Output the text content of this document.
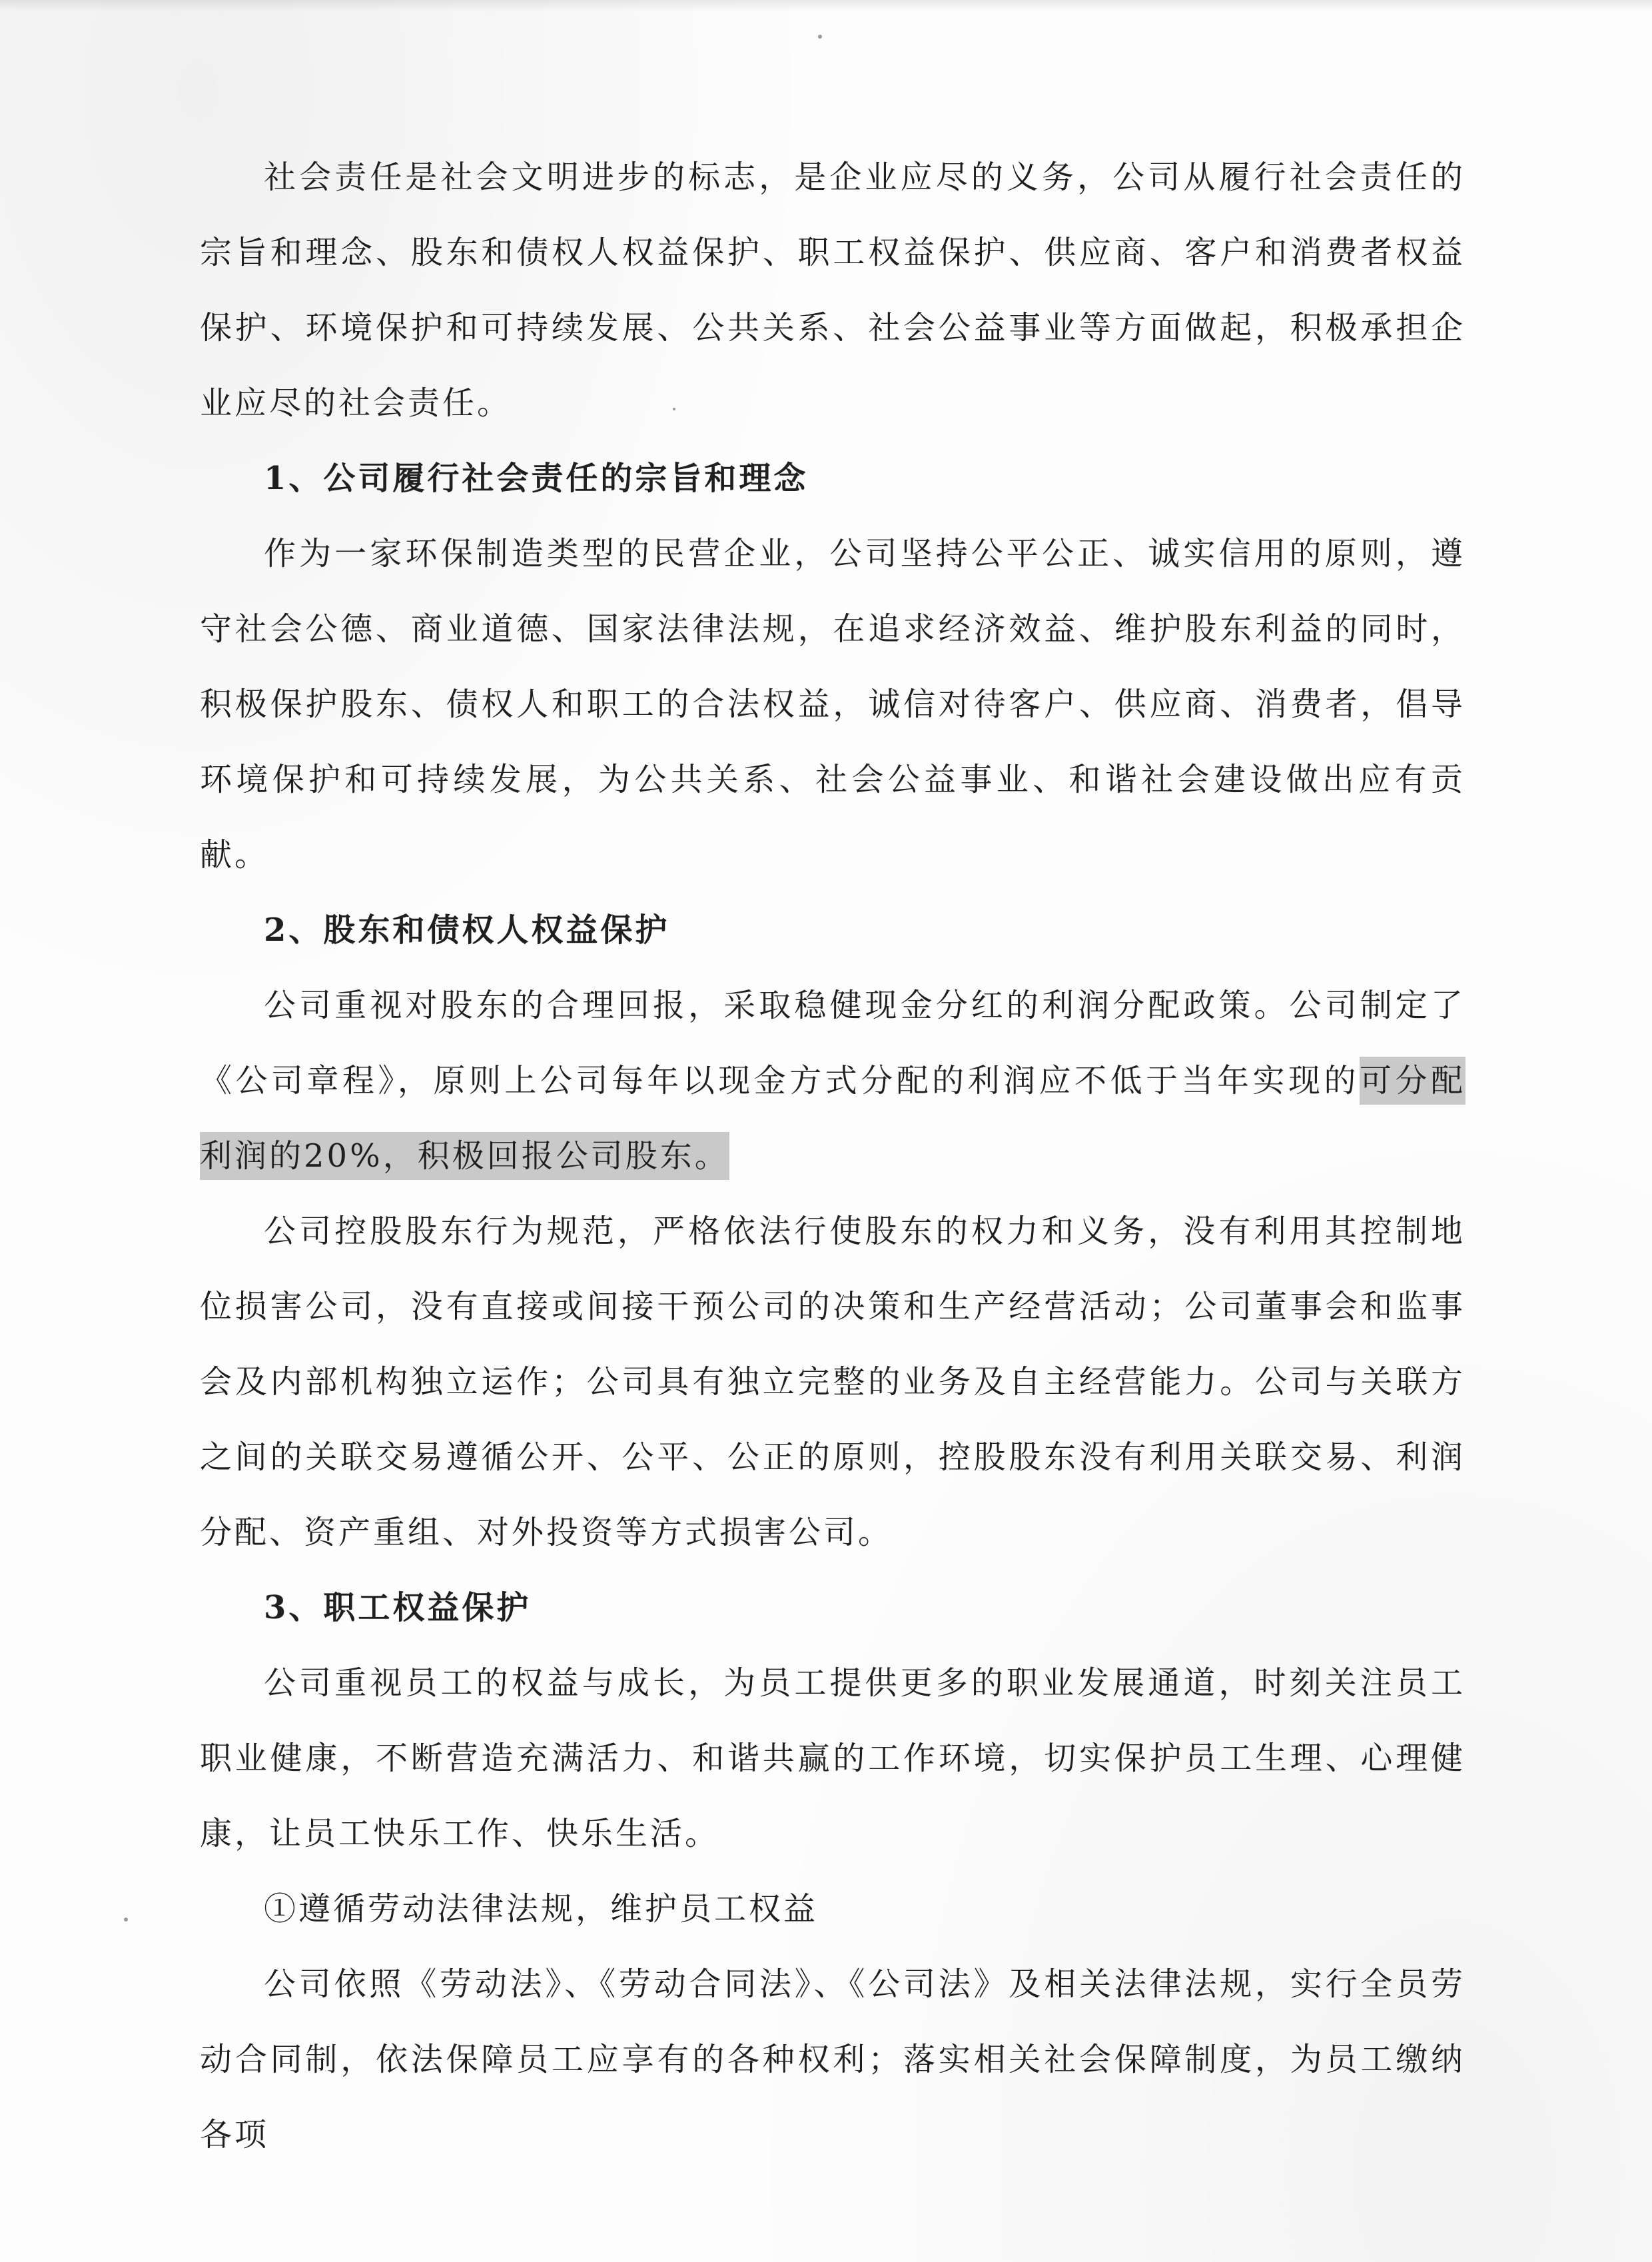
社会责任是社会文明进步的标志，是企业应尽的义务，公司从履行社会责任的宗旨和理念、股东和债权人权益保护、职工权益保护、供应商、客户和消费者权益保护、环境保护和可持续发展、公共关系、社会公益事业等方面做起，积极承担企业应尽的社会责任。

1、公司履行社会责任的宗旨和理念

作为一家环保制造类型的民营企业，公司坚持公平公正、诚实信用的原则，遵守社会公德、商业道德、国家法律法规，在追求经济效益、维护股东利益的同时，积极保护股东、债权人和职工的合法权益，诚信对待客户、供应商、消费者，倡导环境保护和可持续发展，为公共关系、社会公益事业、和谐社会建设做出应有贡献。

2、股东和债权人权益保护

公司重视对股东的合理回报，采取稳健现金分红的利润分配政策。公司制定了《公司章程》，原则上公司每年以现金方式分配的利润应不低于当年实现的可分配利润的20%，积极回报公司股东。

公司控股股东行为规范，严格依法行使股东的权力和义务，没有利用其控制地位损害公司，没有直接或间接干预公司的决策和生产经营活动；公司董事会和监事会及内部机构独立运作；公司具有独立完整的业务及自主经营能力。公司与关联方之间的关联交易遵循公开、公平、公正的原则，控股股东没有利用关联交易、利润分配、资产重组、对外投资等方式损害公司。

3、职工权益保护

公司重视员工的权益与成长，为员工提供更多的职业发展通道，时刻关注员工职业健康，不断营造充满活力、和谐共赢的工作环境，切实保护员工生理、心理健康，让员工快乐工作、快乐生活。

①遵循劳动法律法规，维护员工权益

公司依照《劳动法》、《劳动合同法》、《公司法》及相关法律法规，实行全员劳动合同制，依法保障员工应享有的各种权利；落实相关社会保障制度，为员工缴纳各项
